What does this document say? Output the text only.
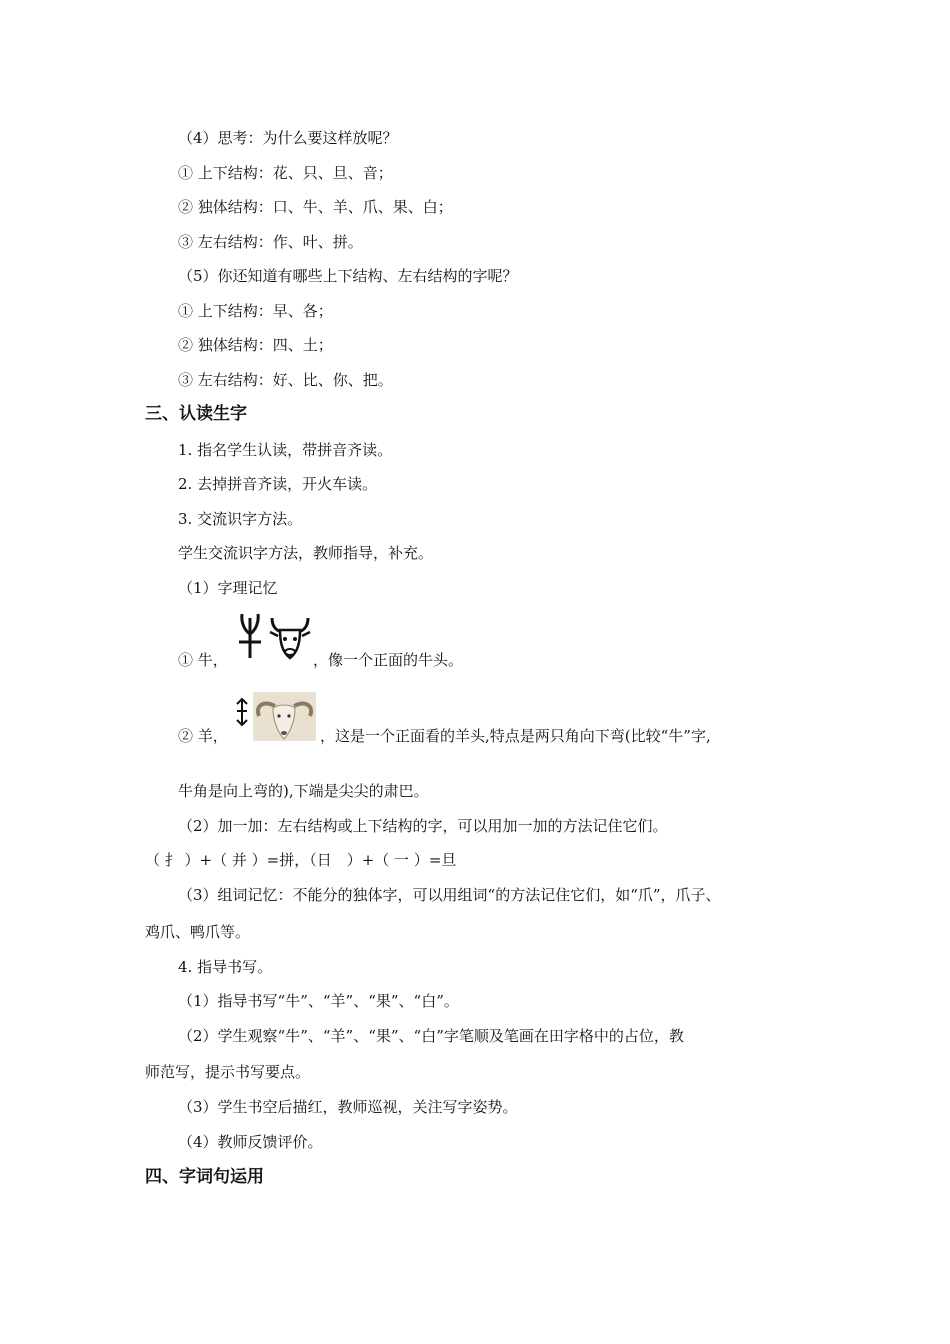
（4）思考：为什么要这样放呢？
① 上下结构：花、只、旦、音；
② 独体结构：口、牛、羊、爪、果、白；
③ 左右结构：作、叶、拼。
（5）你还知道有哪些上下结构、左右结构的字呢？
① 上下结构：早、各；
② 独体结构：四、土；
③ 左右结构：好、比、你、把。
三、认读生字
1. 指名学生认读，带拼音齐读。
2. 去掉拼音齐读，开火车读。
3. 交流识字方法。
学生交流识字方法，教师指导，补充。
（1）字理记忆
① 牛，	，像一个正面的牛头。
② 羊，	，这是一个正面看的羊头,特点是两只角向下弯(比较“牛”字,
牛角是向上弯的),下端是尖尖的肃巴。
（2）加一加：左右结构或上下结构的字，可以用加一加的方法记住它们。
（ 扌 ）+（ 并 ）=拼，（日　）+（ 一 ）=旦
（3）组词记忆：不能分的独体字，可以用组词“的方法记住它们，如“爪”，爪子、
鸡爪、鸭爪等。
4. 指导书写。
（1）指导书写“牛”、“羊”、“果”、“白”。
（2）学生观察“牛”、“羊”、“果”、“白”字笔顺及笔画在田字格中的占位，教
师范写，提示书写要点。
（3）学生书空后描红，教师巡视，关注写字姿势。
（4）教师反馈评价。
四、字词句运用
